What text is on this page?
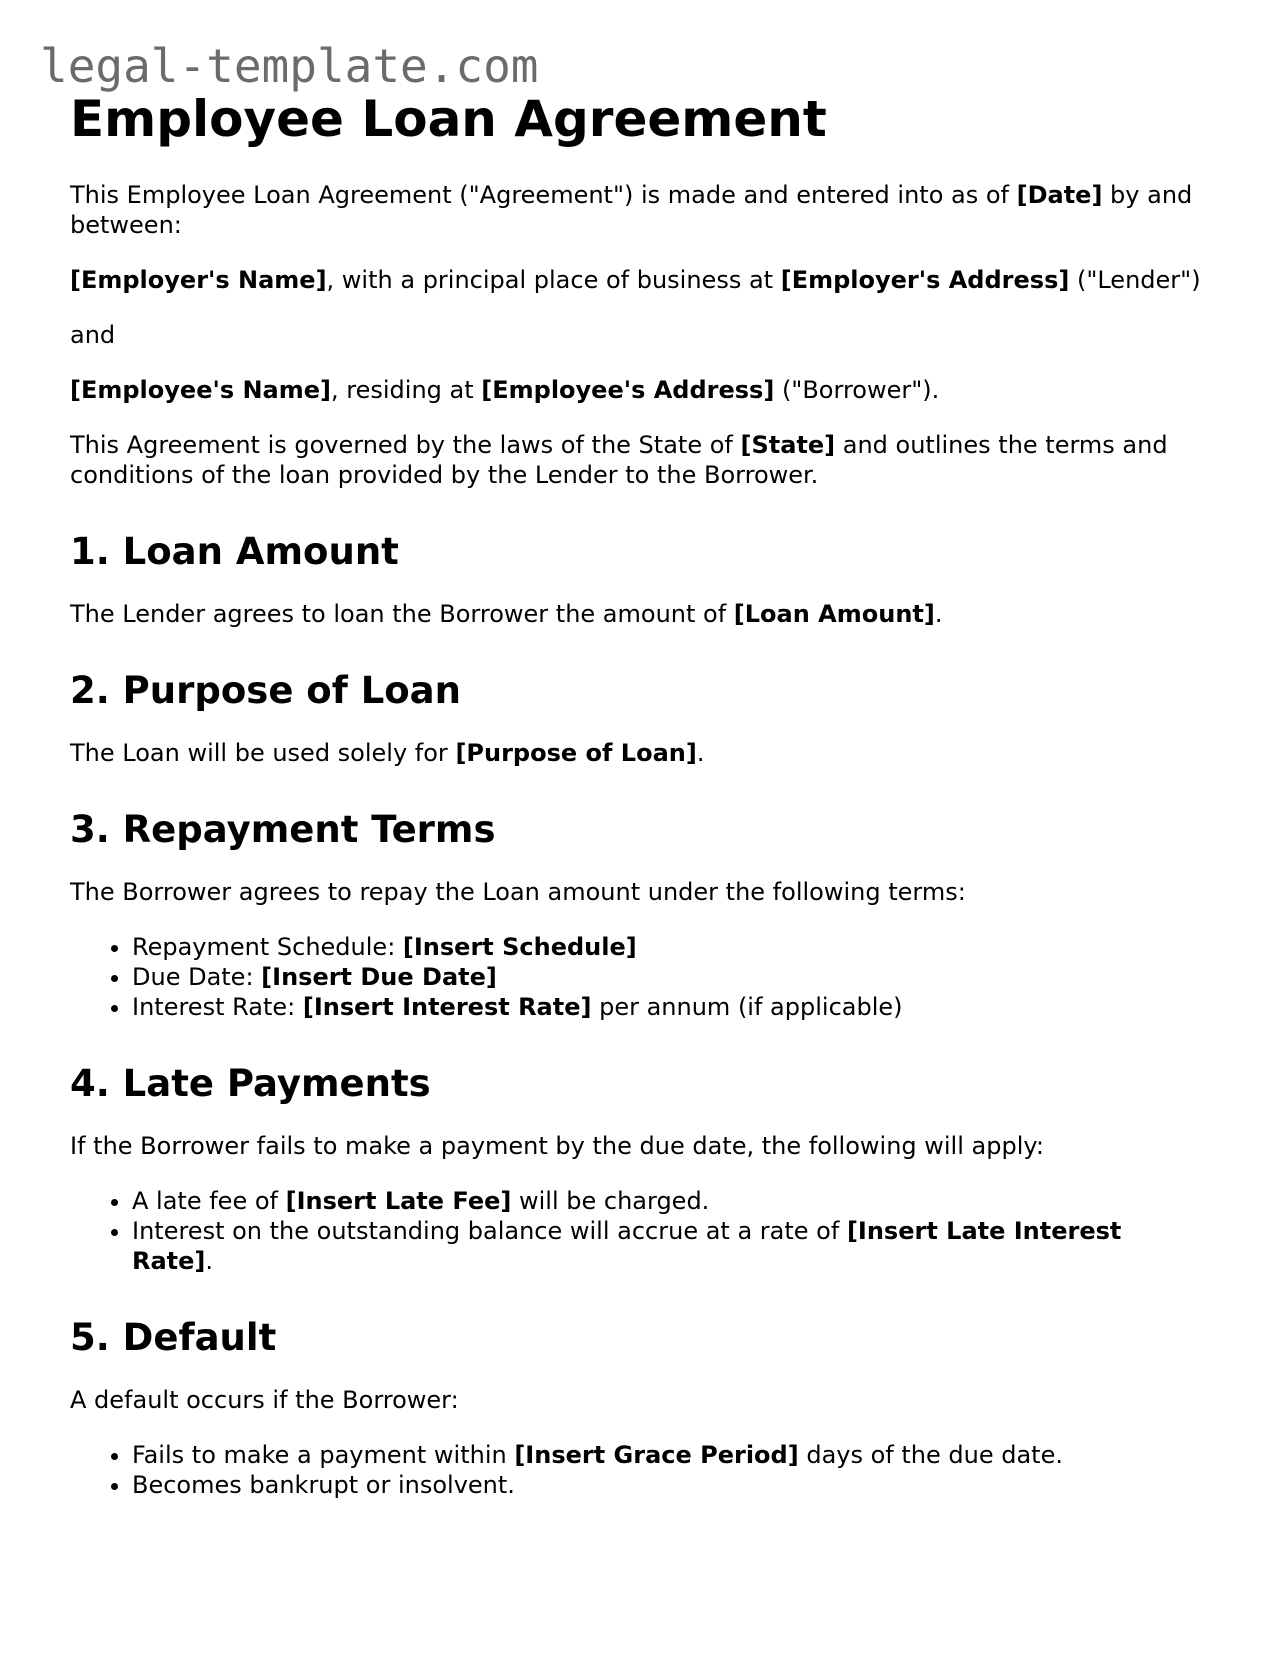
legal-template.com
Employee Loan Agreement

This Employee Loan Agreement ("Agreement") is made and entered into as of [Date] by and between:

[Employer's Name], with a principal place of business at [Employer's Address] ("Lender")

and

[Employee's Name], residing at [Employee's Address] ("Borrower").

This Agreement is governed by the laws of the State of [State] and outlines the terms and conditions of the loan provided by the Lender to the Borrower.

1. Loan Amount

The Lender agrees to loan the Borrower the amount of [Loan Amount].

2. Purpose of Loan

The Loan will be used solely for [Purpose of Loan].

3. Repayment Terms

The Borrower agrees to repay the Loan amount under the following terms:

• Repayment Schedule: [Insert Schedule]
• Due Date: [Insert Due Date]
• Interest Rate: [Insert Interest Rate] per annum (if applicable)
4. Late Payments

If the Borrower fails to make a payment by the due date, the following will apply:

• A late fee of [Insert Late Fee] will be charged.
• Interest on the outstanding balance will accrue at a rate of [Insert Late Interest Rate].
5. Default

A default occurs if the Borrower:

• Fails to make a payment within [Insert Grace Period] days of the due date.
• Becomes bankrupt or insolvent.
